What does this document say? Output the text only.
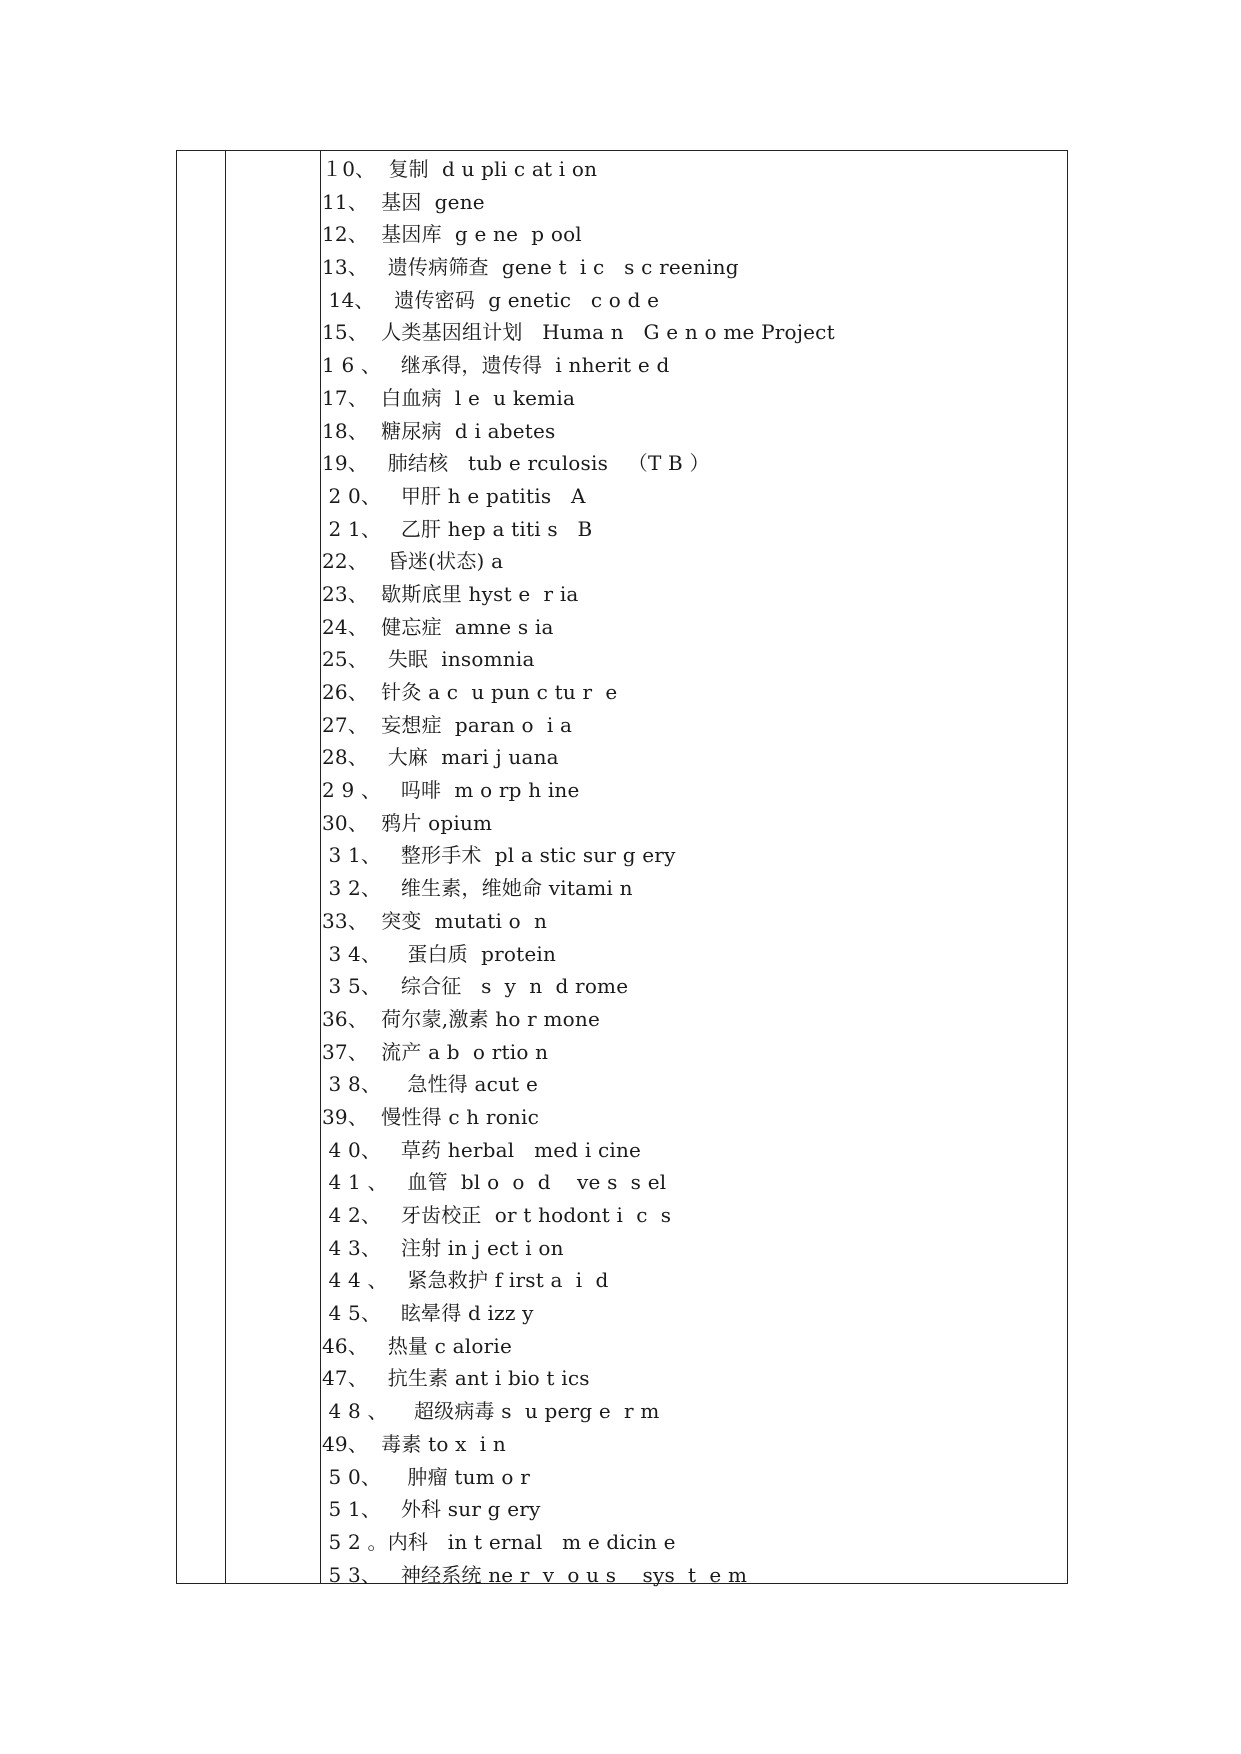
１0、  复制  d u pli c at i on
11、  基因  gene
12、  基因库  g e ne  p ool
13、   遗传病筛查  gene t  i c   s c reening
14、   遗传密码  g enetic   c o d e
15、  人类基因组计划   Huma n   G e n o me Project
1 6 、   继承得，遗传得  i nherit e d
17、  白血病  l e  u kemia
18、  糖尿病  d i abetes
19、   肺结核   tub e rculosis   （T B ）
2 0、   甲肝 h e patitis   A
2 1、   乙肝 hep a titi s   B
22、   昏迷(状态) a
23、  歇斯底里 hyst e  r ia
24、  健忘症  amne s ia
25、   失眠  insomnia
26、  针灸 a c  u pun c tu r  e
27、  妄想症  paran o  i a
28、   大麻  mari j uana
2 9 、   吗啡  m o rp h ine
30、  鸦片 opium
3 1、   整形手术  pl a stic sur g ery
3 2、   维生素，维她命 vitami n
33、  突变  mutati o  n
3 4、    蛋白质  protein
3 5、   综合征   s  y  n  d rome
36、  荷尔蒙,激素 ho r mone
37、  流产 a b  o rtio n
3 8、    急性得 acut e
39、  慢性得 c h ronic
4 0、   草药 herbal   med i cine
4 1 、   血管  bl o  o  d    ve s  s el
4 2、   牙齿校正  or t hodont i  c  s
4 3、   注射 in j ect i on
4 4 、   紧急救护 f irst a  i  d
4 5、   眩晕得 d izz y
46、   热量 c alorie
47、   抗生素 ant i bio t ics
4 8 、    超级病毒 s  u perg e  r m
49、  毒素 to x  i n
5 0、    肿瘤 tum o r
5 1、   外科 sur g ery
5 2 。内科   in t ernal   m e dicin e
5 3、   神经系统 ne r  v  o u s    sys  t  e m
